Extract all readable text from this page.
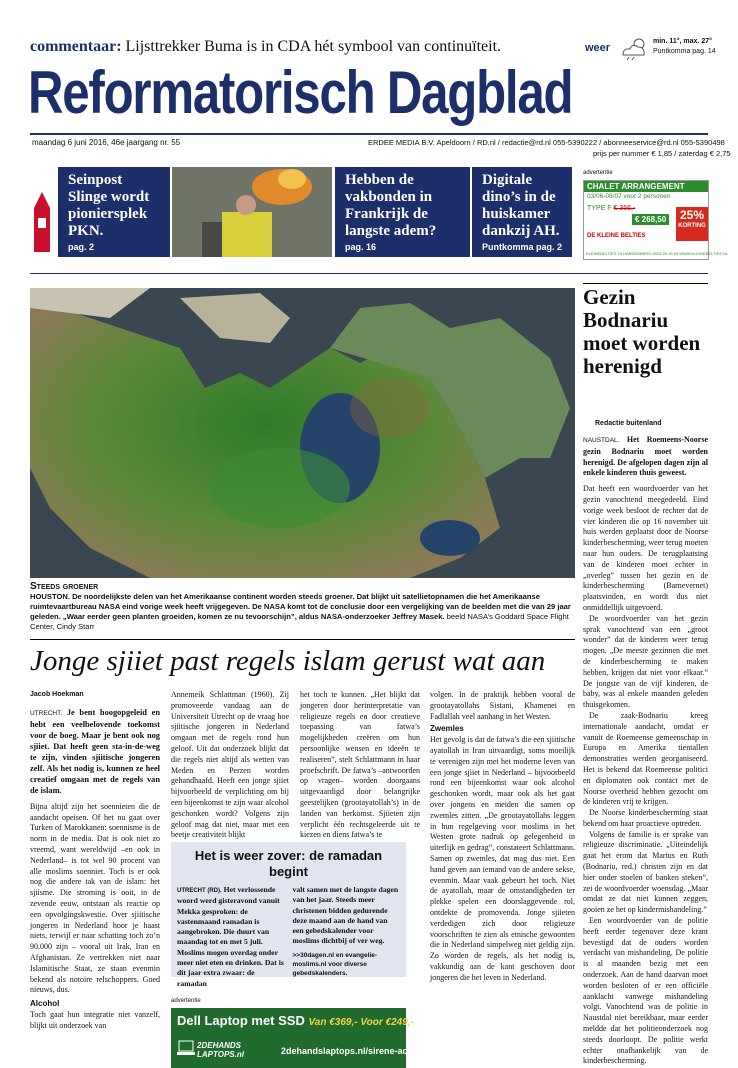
commentaar: Lijsttrekker Buma is in CDA hét symbool van continuïteit.	weer
min. 11°, max. 27°
Puntkomma pag. 14
Reformatorisch Dagblad
maandag 6 juni 2016, 46e jaargang nr. 55	ERDEE MEDIA B.V. Apeldoorn / RD.nl / redactie@rd.nl 055-5390222 / abonneeservice@rd.nl 055-5390498
prijs per nummer € 1,85 / zaterdag € 2,75
Seinpost Slinge wordt pioniersplek PKN.
pag. 2
Hebben de vakbonden in Frankrijk de langste adem?
pag. 16
Digitale dino’s in de huiskamer dankzij AH.
Puntkomma pag. 2
advertentie
CHALET ARRANGEMENT
03/06-08/07 voor 2 personen
TYPE F € 356,-
€ 268,50	25%
KORTING
DE KLEINE BELTIES
KLEINEBELTIES 15 HARDENBERG 0523-26 15 03 WWW.KLEINEBELTIES.NL
Steeds groener
HOUSTON. De noordelijkste delen van het Amerikaanse continent worden steeds groener. Dat blijkt uit satellietopnamen die het Amerikaanse ruimtevaartbureau NASA eind vorige week heeft vrijgegeven. De NASA komt tot de conclusie door een vergelijking van de beelden met die van 29 jaar geleden. „Waar eerder geen planten groeiden, komen ze nu tevoorschijn”, aldus NASA-onderzoeker Jeffrey Masek. beeld NASA’s Goddard Space Flight Center, Cindy Starr
Gezin Bodnariu moet worden herenigd
Redactie buitenland

NAUSTDAL. Het Roemeens-Noorse gezin Bodnariu moet worden herenigd. De afgelopen dagen zijn al enkele kinderen thuis geweest.

Dat heeft een woordvoerder van het gezin vanochtend meegedeeld. Eind vorige week besloot de rechter dat de vier kinderen die op 16 november uit huis werden geplaatst door de Noorse kinderbescherming, weer terug moeten naar hun ouders. De terugplaatsing van de kinderen moet echter in „overleg” tussen het gezin en de kinderbescherming (Barnevernet) plaatsvinden, en wordt dus niet onmiddellijk uitgevoerd.

De woordvoerder van het gezin sprak vanochtend van een „groot wonder” dat de kinderen weer terug mogen. „De meeste gezinnen die met de kinderbescherming te maken hebben, krijgen dat niet voor elkaar.” De jongste van de vijf kinderen, de baby, was al enkele maanden geleden thuisgekomen.

De zaak-Bodnariu kreeg internationale aandacht, omdat er vanuit de Roemeense gemeenschap in Europa en Amerika tientallen demonstraties werden georganiseerd. Het is bekend dat Roemeense politici en diplomaten ook contact met de Noorse overheid hebben gezocht om de kinderen vrij te krijgen.

De Noorse kinderbescherming staat bekend om haar proactieve optreden.

Volgens de familie is er sprake van religieuze discriminatie. „Uiteindelijk gaat het erom dat Marius en Ruth (Bodnariu, red.) christen zijn en dat hier onder stoelen of banken steken”, zei de woordvoerder woensdag. „Maar omdat ze dat niet kunnen zeggen, gooien ze het op kindermishandeling.”

Een woordvoerder van de politie heeft eerder tegenover deze krant bevestigd dat de ouders worden verdacht van mishandeling. De politie is al maanden bezig met een onderzoek. Aan de hand daarvan moet worden besloten of er een officiële aanklacht vanwege mishandeling volgt. Vanochtend was de politie in Naustdal niet bereikbaar, maar eerder meldde dat het politieonderzoek nog steeds doorloopt. De politie werkt echter onafhankelijk van de kinderbescherming.

Jonge sjiiet past regels islam gerust wat aan
Jacob Hoekman

UTRECHT. Je bent hoogopgeleid en hebt een veelbelovende toekomst voor de boeg. Maar je bent ook nog sjiiet. Dat heeft geen sta-in-de-weg te zijn, vinden sjiitische jongeren zelf. Als het nodig is, kunnen ze heel creatief omgaan met de regels van de islam.

Bijna altijd zijn het soennieten die de aandacht opeisen. Of het nu gaat over Turken of Marokkanen: soennisme is de norm in de media. Dat is ook niet zo vreemd, want wereldwijd –en ook in Nederland– is tot wel 90 procent van alle moslims soenniet. Toch is er ook nog die andere tak van de islam: het sjiisme. Die stroming is ooit, in de zevende eeuw, ontstaan als reactie op een opvolgingskwestie. Over sjiitische jongeren in Nederland hoor je haast niets, terwijl er naar schatting toch zo’n 90.000 zijn – vooral uit Irak, Iran en Afghanistan. Ze vertrekken niet naar Islamitische Staat, ze staan evenmin bekend als notoire relschoppers. Goed nieuws, dus.

Alcohol

Toch gaat hun integratie niet vanzelf, blijkt uit onderzoek van

Annemeik Schlattman (1960). Zij promoveerde vandaag aan de Universiteit Utrecht op de vraag hoe sjiitische jongeren in Nederland omgaan met de regels rond hun geloof. Uit dat onderzoek blijkt dat die regels niet altijd als wetten van Meden en Perzen worden gehandhaafd. Heeft een jonge sjiiet bijvoorbeeld de verplichting om bij een bijeenkomst te zijn waar alcohol geschonken wordt? Volgens zijn geloof mag dat niet, maar met een beetje creativiteit blijkt
het toch te kunnen. „Het blijkt dat jongeren door herinterpretatie van religieuze regels en door creatieve toepassing van fatwa’s mogelijkheden creëren om hun persoonlijke wensen en ideeën te realiseren”, stelt Schlattmann in haar proefschrift. De fatwa’s –antwoorden op vragen– worden doorgaans uitgevaardigd door belangrijke geestelijken (grootayatollah’s) in de landen van herkomst. Sjiieten zijn verplicht één rechtsgeleerde uit te kiezen en diens fatwa’s te

volgen. In de praktijk hebben vooral de grootayatollahs Sistani, Khamenei en Fadlallah veel aanhang in het Westen.

Zwemles

Het gevolg is dat de fatwa’s die een sjiitische ayatollah in Iran uitvaardigt, soms moeilijk te verenigen zijn met het moderne leven van een jonge sjiiet in Nederland – bijvoorbeeld rond een bijeenkomst waar ook alcohol geschonken wordt, maar ook als het gaat over jongens en meiden die samen op zwemles zitten. „De grootayatollahs leggen in hun regelgeving voor moslims in het Westen grote nadruk op gelegenheid in uiterlijk en gedrag”, constateert Schlattmann. Samen op zwemles, dat mag dus niet. Een hand geven aan iemand van de andere sekse, evenmin. Maar vaak gebeurt het toch. Niet de ayatollah, maar de omstandigheden ter plekke spelen een doorslaggevende rol, ontdekte de promovenda. Jonge sjiieten verdedigen zich door religieuze voorschriften te zien als etnische gewoonten die in Nederland simpelweg niet geldig zijn. Zo worden de regels, als het nodig is, vakkundig aan de kant geschoven door jongeren die het leven in Nederland.

Het is weer zover: de ramadan begint
UTRECHT (RD). Het verlossende woord werd gisteravond vanuit Mekka gesproken: de vastenmaand ramadan is aangebroken. Die duurt van maandag tot en met 5 juli. Moslims mogen overdag onder meer niet eten en drinken. Dat is dit jaar extra zwaar: de ramadan
valt samen met de langste dagen van het jaar. Steeds meer christenen bidden gedurende deze maand aan de hand van een gebedskalender voor moslims dichtbij of ver weg.
>>30dagen.nl en evangelie-moslims.nl voor diverse gebedskalenders.
advertentie
Dell Laptop met SSD Van €369,- Voor €249,-
2DEHANDS LAPTOPS.nl	2dehandslaptops.nl/sirene-actie
